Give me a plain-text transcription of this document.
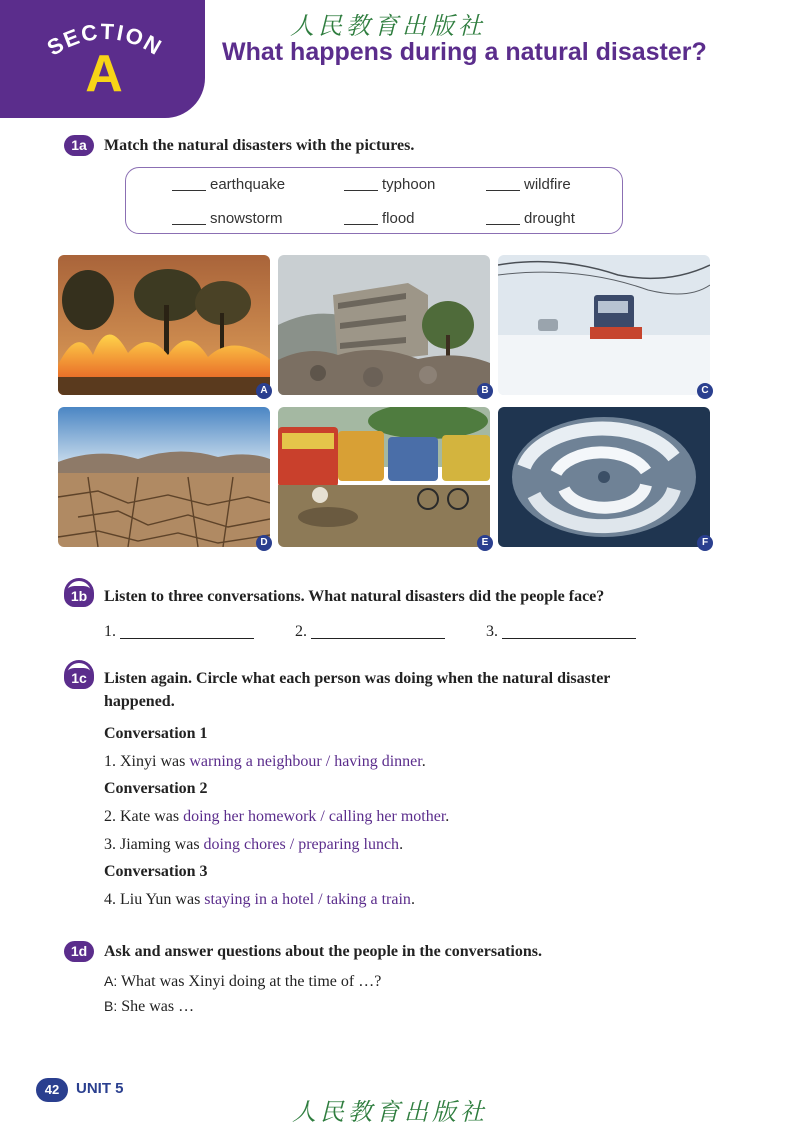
SECTION
A
人民教育出版社
What happens during a natural disaster?
1a	Match the natural disasters with the pictures.
earthquake	typhoon	wildfire
snowstorm	flood	drought
A	B	C
D	E	F
1b	Listen to three conversations. What natural disasters did the people face?
1.	2.	3.
1c	Listen again. Circle what each person was doing when the natural disaster
happened.
Conversation 1
1. Xinyi was warning a neighbour / having dinner.
Conversation 2
2. Kate was doing her homework / calling her mother.
3. Jiaming was doing chores / preparing lunch.
Conversation 3
4. Liu Yun was staying in a hotel / taking a train.
1d	Ask and answer questions about the people in the conversations.
A: What was Xinyi doing at the time of …?
B: She was …
42	UNIT 5
人民教育出版社
